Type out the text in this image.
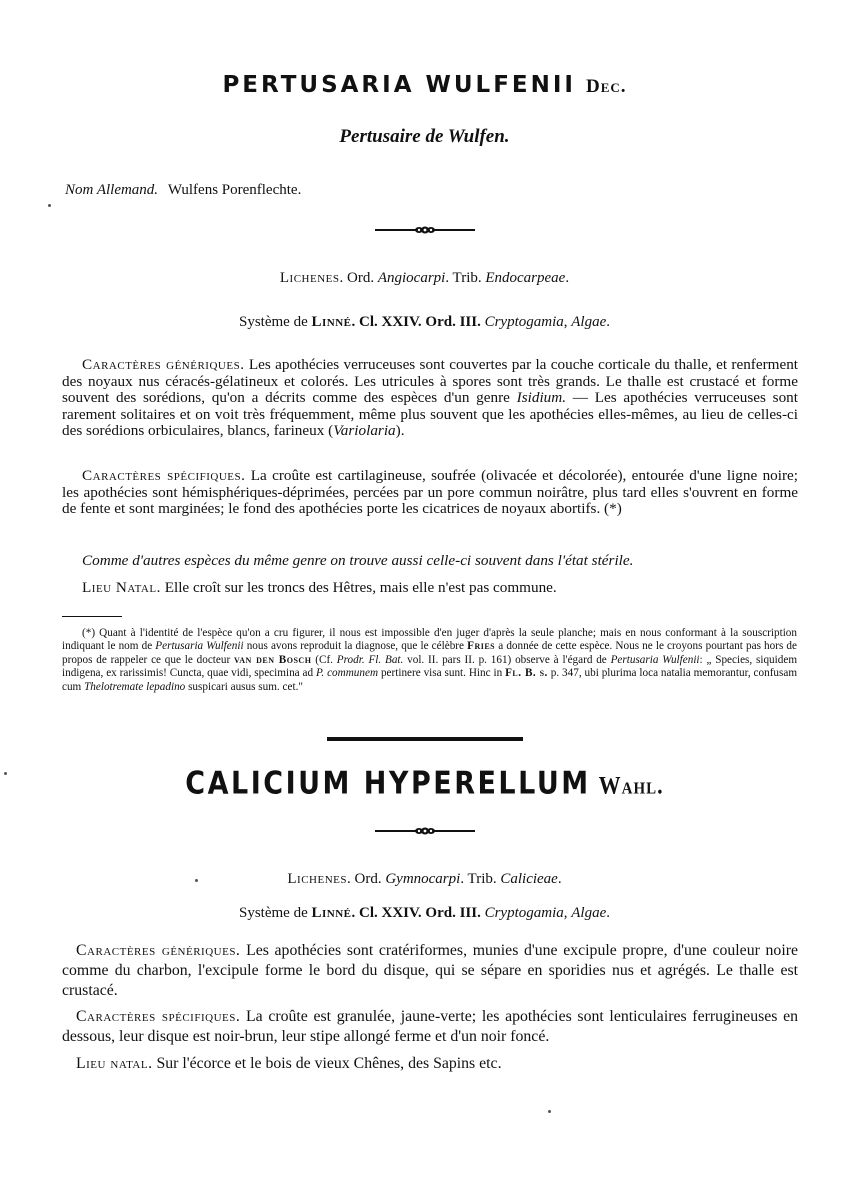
PERTUSARIA WULFENII Dec.
Pertusaire de Wulfen.
Nom Allemand. Wulfens Porenflechte.
Lichenes. Ord. Angiocarpi. Trib. Endocarpeae.
Système de Linné. Cl. XXIV. Ord. III. Cryptogamia, Algae.

Caractères génériques. Les apothécies verruceuses sont couvertes par la couche corticale du thalle, et renferment des noyaux nus céracés-gélatineux et colorés. Les utricules à spores sont très grands. Le thalle est crustacé et forme souvent des sorédions, qu'on a décrits comme des espèces d'un genre Isidium. — Les apothécies verruceuses sont rarement solitaires et on voit très fréquemment, même plus souvent que les apothécies elles-mêmes, au lieu de celles-ci des sorédions orbiculaires, blancs, farineux (Variolaria).

Caractères spécifiques. La croûte est cartilagineuse, soufrée (olivacée et décolorée), entourée d'une ligne noire; les apothécies sont hémisphériques-déprimées, percées par un pore commun noirâtre, plus tard elles s'ouvrent en forme de fente et sont marginées; le fond des apothécies porte les cicatrices de noyaux abortifs. (*)

Comme d'autres espèces du même genre on trouve aussi celle-ci souvent dans l'état stérile.

Lieu Natal. Elle croît sur les troncs des Hêtres, mais elle n'est pas commune.

(*) Quant à l'identité de l'espèce qu'on a cru figurer, il nous est impossible d'en juger d'après la seule planche; mais en nous conformant à la souscription indiquant le nom de Pertusaria Wulfenii nous avons reproduit la diagnose, que le célèbre Fries a donnée de cette espèce. Nous ne le croyons pourtant pas hors de propos de rappeler ce que le docteur van den Bosch (Cf. Prodr. Fl. Bat. vol. II. pars II. p. 161) observe à l'égard de Pertusaria Wulfenii: „ Species, siquidem indigena, ex rarissimis! Cuncta, quae vidi, specimina ad P. communem pertinere visa sunt. Hinc in Fl. B. s. p. 347, ubi plurima loca natalia memorantur, confusam cum Thelotremate lepadino suspicari ausus sum. cet."
CALICIUM HYPERELLUM Wahl.
Lichenes. Ord. Gymnocarpi. Trib. Calicieae.
Système de Linné. Cl. XXIV. Ord. III. Cryptogamia, Algae.

Caractères génériques. Les apothécies sont cratériformes, munies d'une excipule propre, d'une couleur noire comme du charbon, l'excipule forme le bord du disque, qui se sépare en sporidies nus et agrégés. Le thalle est crustacé.

Caractères spécifiques. La croûte est granulée, jaune-verte; les apothécies sont lenticulaires ferrugineuses en dessous, leur disque est noir-brun, leur stipe allongé ferme et d'un noir foncé.

Lieu natal. Sur l'écorce et le bois de vieux Chênes, des Sapins etc.
